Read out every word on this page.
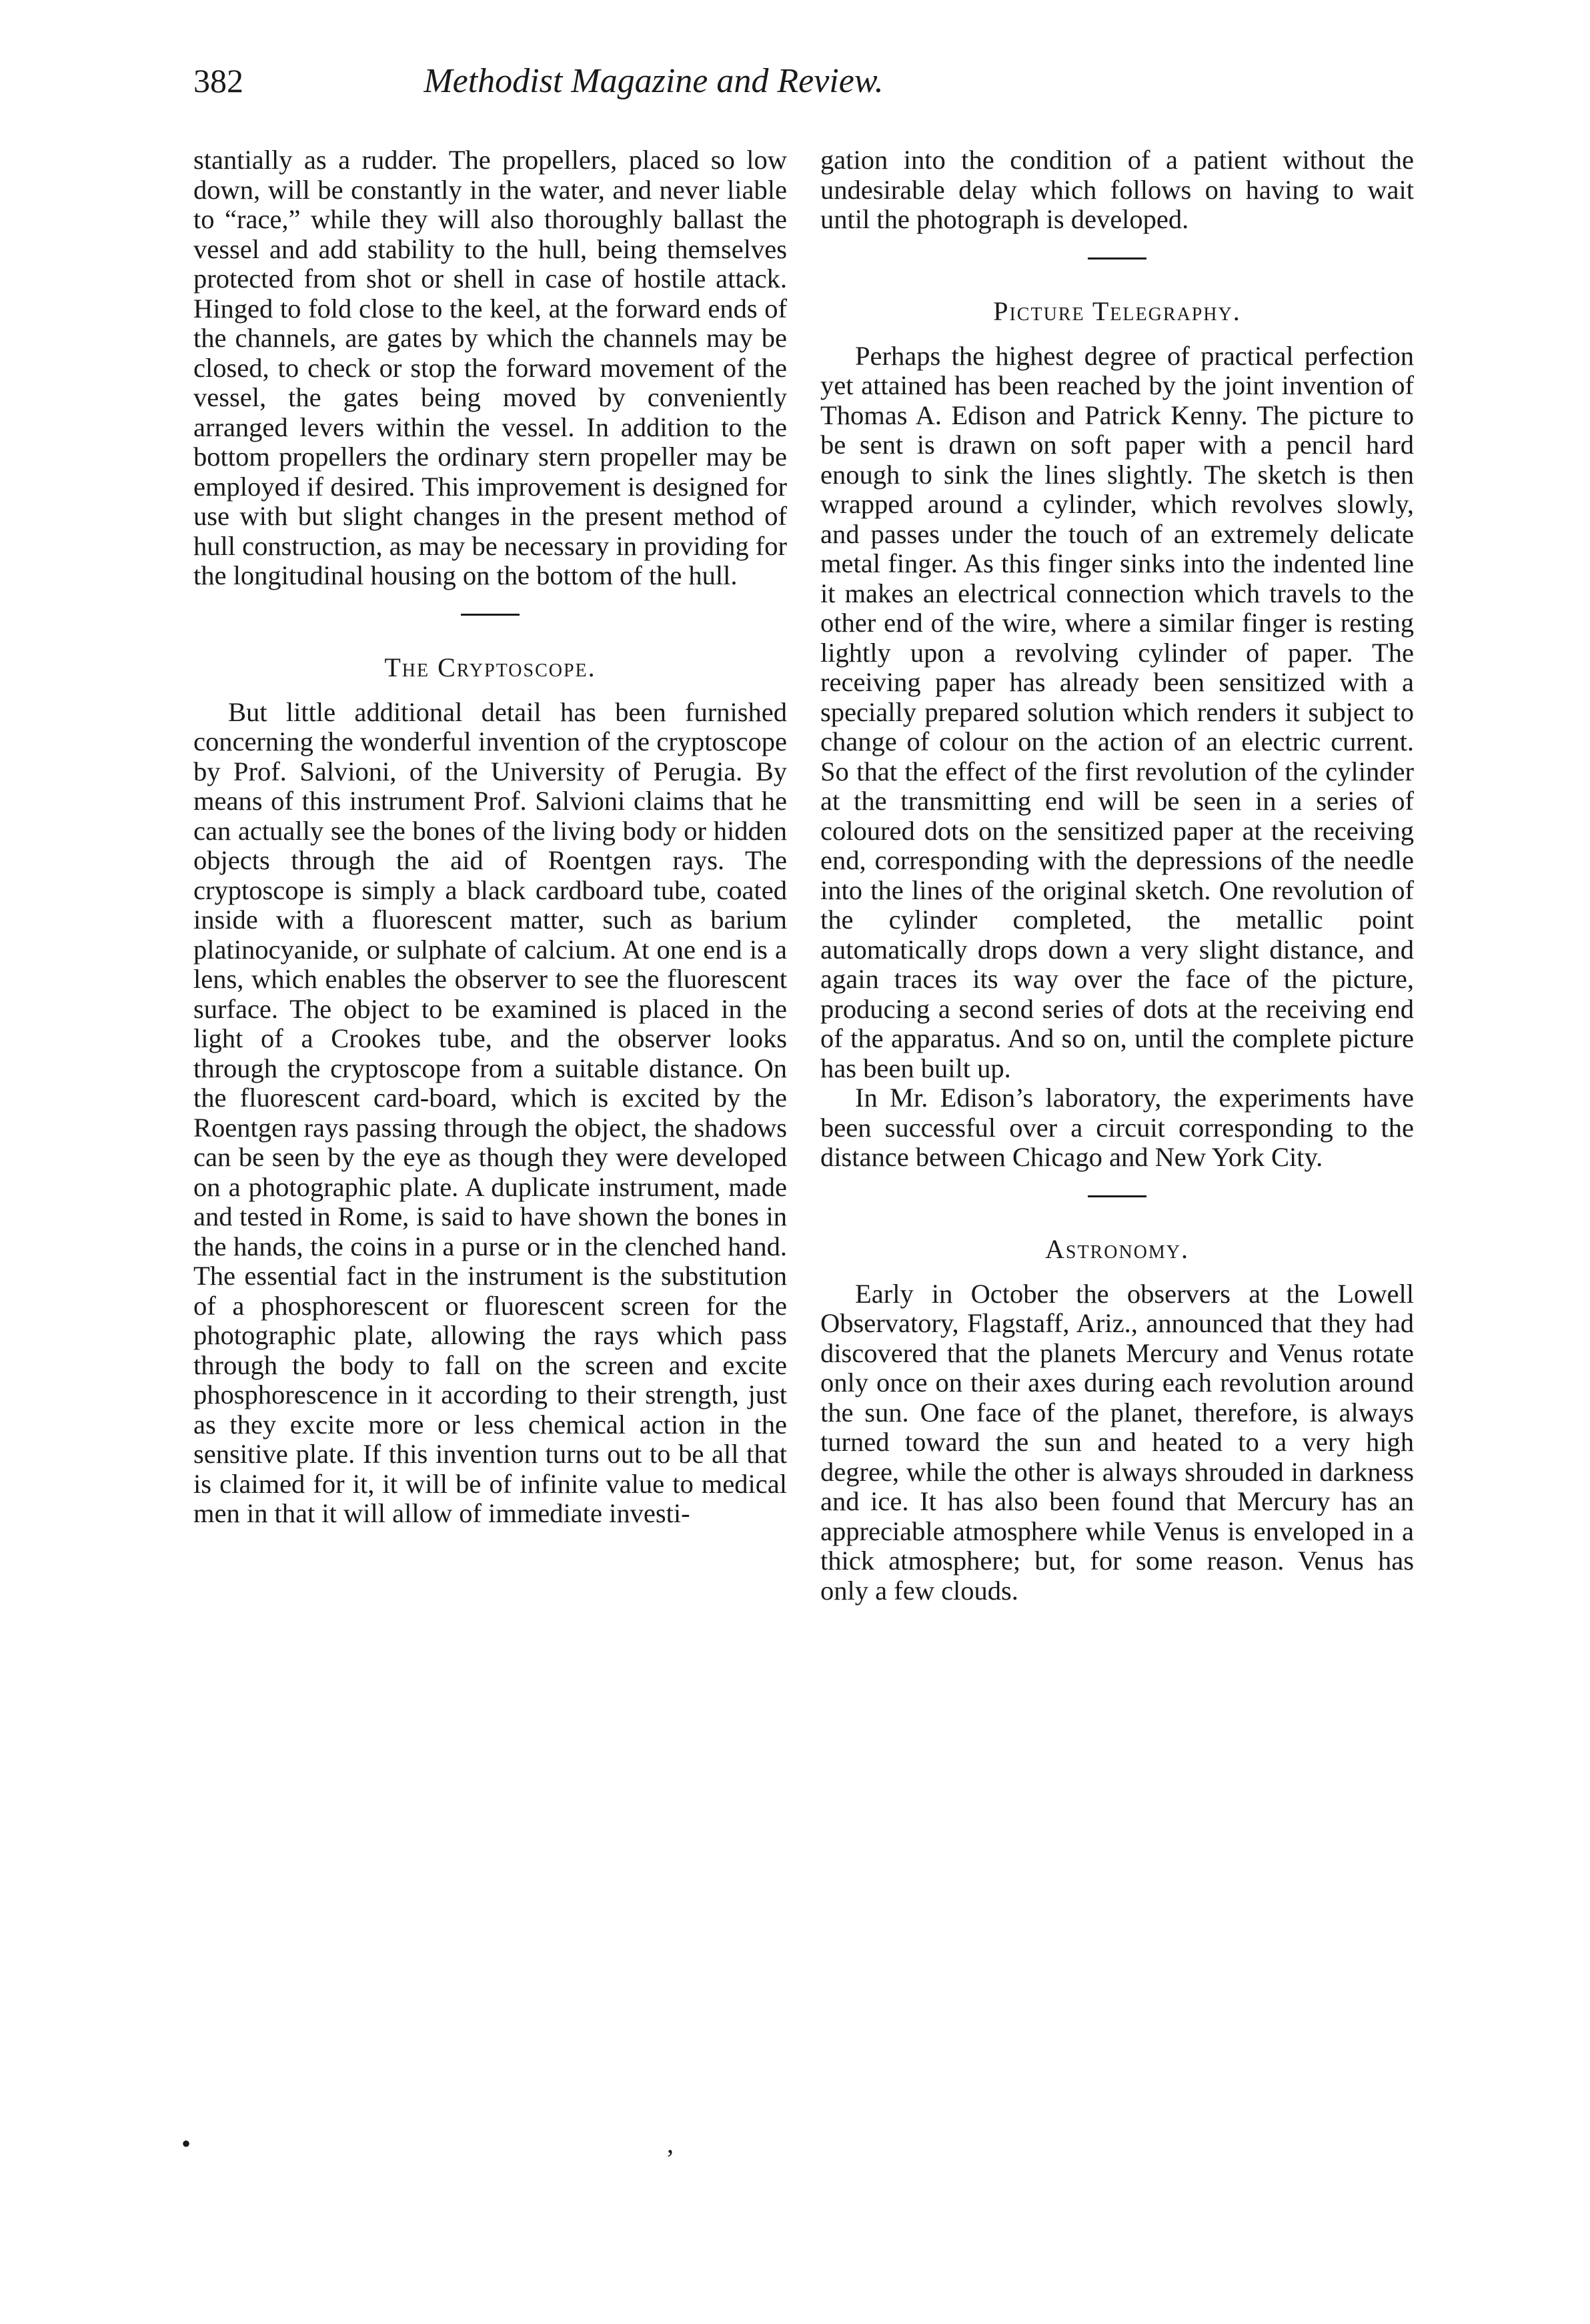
382	Methodist Magazine and Review.

stantially as a rudder. The propellers, placed so low down, will be constantly in the water, and never liable to “race,” while they will also thoroughly ballast the vessel and add stability to the hull, being themselves protected from shot or shell in case of hostile attack. Hinged to fold close to the keel, at the forward ends of the channels, are gates by which the channels may be closed, to check or stop the forward movement of the vessel, the gates being moved by conveniently arranged levers within the vessel. In addition to the bottom propellers the ordinary stern propeller may be employed if desired. This improvement is designed for use with but slight changes in the present method of hull construction, as may be necessary in providing for the longitudinal housing on the bottom of the hull.

The Cryptoscope.

But little additional detail has been furnished concerning the wonderful invention of the cryptoscope by Prof. Salvioni, of the University of Perugia. By means of this instrument Prof. Salvioni claims that he can actually see the bones of the living body or hidden objects through the aid of Roentgen rays. The cryptoscope is simply a black cardboard tube, coated inside with a fluorescent matter, such as barium platinocyanide, or sulphate of calcium. At one end is a lens, which enables the observer to see the fluorescent surface. The object to be examined is placed in the light of a Crookes tube, and the observer looks through the cryptoscope from a suitable distance. On the fluorescent card-board, which is excited by the Roentgen rays passing through the object, the shadows can be seen by the eye as though they were developed on a photographic plate. A duplicate instrument, made and tested in Rome, is said to have shown the bones in the hands, the coins in a purse or in the clenched hand. The essential fact in the instrument is the substitution of a phosphorescent or fluorescent screen for the photographic plate, allowing the rays which pass through the body to fall on the screen and excite phosphorescence in it according to their strength, just as they excite more or less chemical action in the sensitive plate. If this invention turns out to be all that is claimed for it, it will be of infinite value to medical men in that it will allow of immediate investi-

gation into the condition of a patient without the undesirable delay which follows on having to wait until the photograph is developed.

Picture Telegraphy.

Perhaps the highest degree of practical perfection yet attained has been reached by the joint invention of Thomas A. Edison and Patrick Kenny. The picture to be sent is drawn on soft paper with a pencil hard enough to sink the lines slightly. The sketch is then wrapped around a cylinder, which revolves slowly, and passes under the touch of an extremely delicate metal finger. As this finger sinks into the indented line it makes an electrical connection which travels to the other end of the wire, where a similar finger is resting lightly upon a revolving cylinder of paper. The receiving paper has already been sensitized with a specially prepared solution which renders it subject to change of colour on the action of an electric current. So that the effect of the first revolution of the cylinder at the transmitting end will be seen in a series of coloured dots on the sensitized paper at the receiving end, corresponding with the depressions of the needle into the lines of the original sketch. One revolution of the cylinder completed, the metallic point automatically drops down a very slight distance, and again traces its way over the face of the picture, producing a second series of dots at the receiving end of the apparatus. And so on, until the complete picture has been built up.

In Mr. Edison’s laboratory, the experiments have been successful over a circuit corresponding to the distance between Chicago and New York City.

Astronomy.

Early in October the observers at the Lowell Observatory, Flagstaff, Ariz., announced that they had discovered that the planets Mercury and Venus rotate only once on their axes during each revolution around the sun. One face of the planet, therefore, is always turned toward the sun and heated to a very high degree, while the other is always shrouded in darkness and ice. It has also been found that Mercury has an appreciable atmosphere while Venus is enveloped in a thick atmosphere; but, for some reason. Venus has only a few clouds.

•	,
